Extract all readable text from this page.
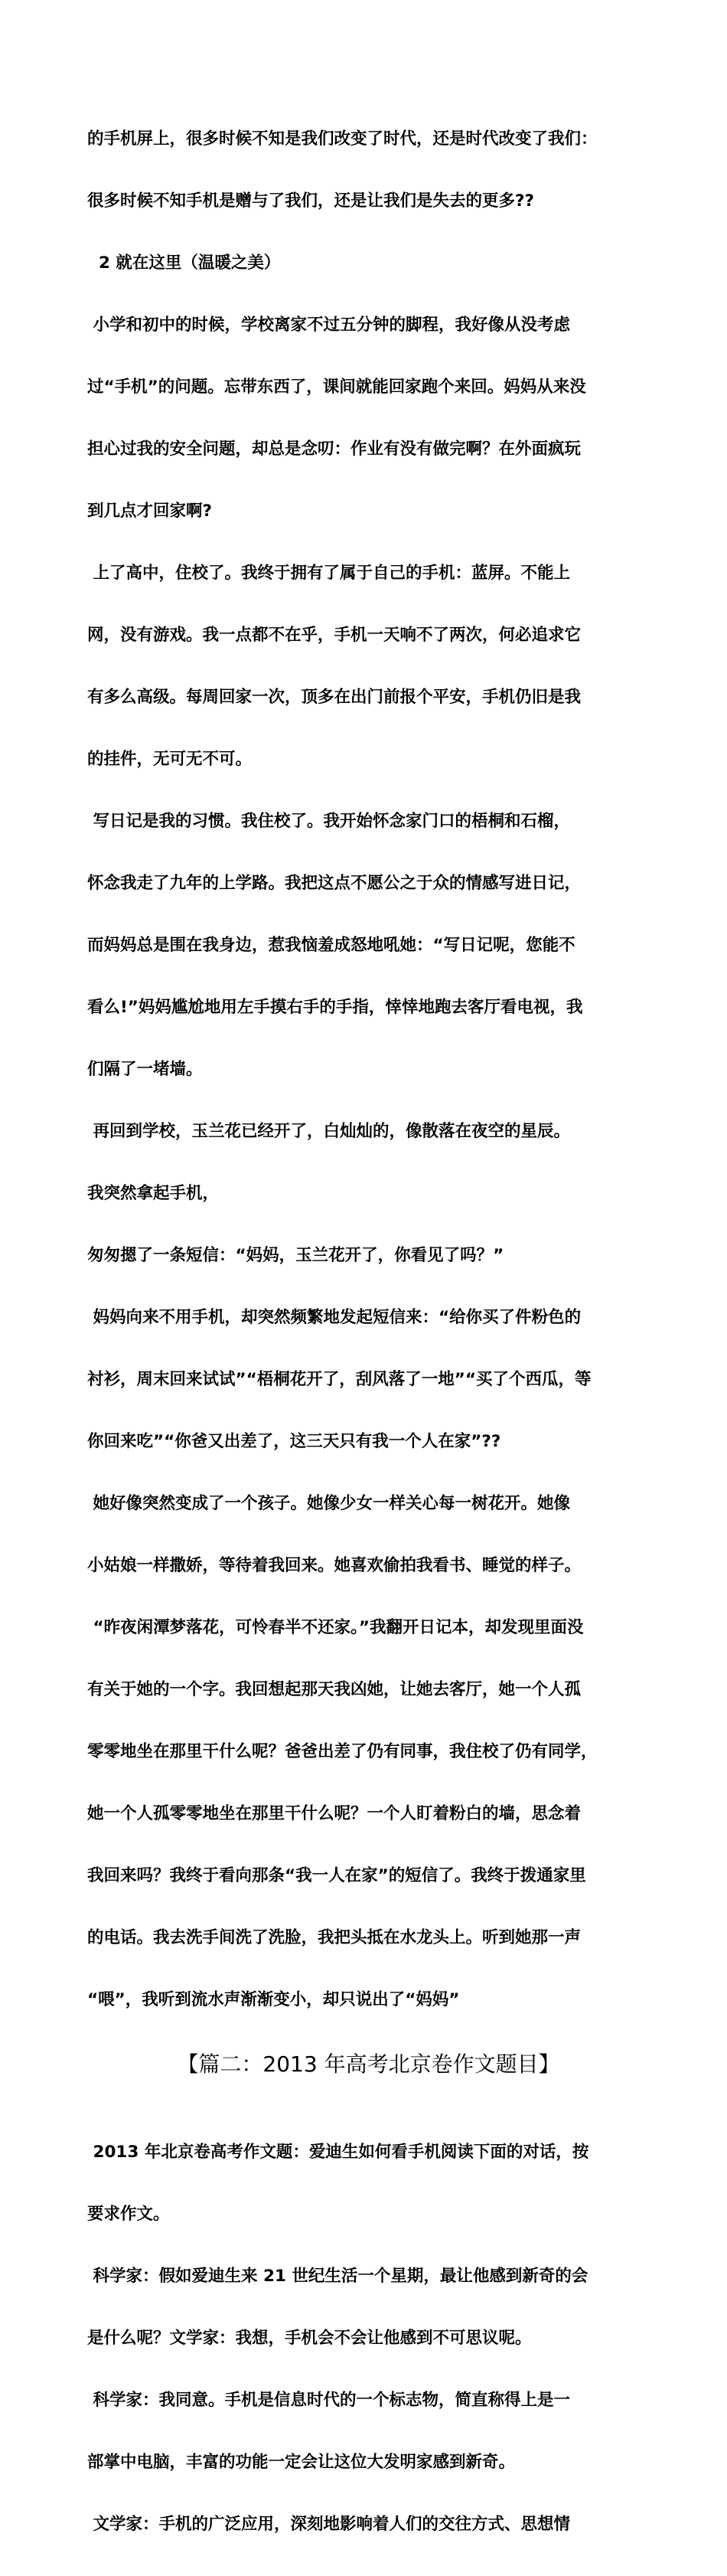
的手机屏上，很多时候不知是我们改变了时代，还是时代改变了我们：

很多时候不知手机是赠与了我们，还是让我们是失去的更多??

2 就在这里（温暖之美）

小学和初中的时候，学校离家不过五分钟的脚程，我好像从没考虑

过“手机”的问题。忘带东西了，课间就能回家跑个来回。妈妈从来没

担心过我的安全问题，却总是念叨：作业有没有做完啊？在外面疯玩

到几点才回家啊?

上了高中，住校了。我终于拥有了属于自己的手机：蓝屏。不能上

网，没有游戏。我一点都不在乎，手机一天响不了两次，何必追求它

有多么高级。每周回家一次，顶多在出门前报个平安，手机仍旧是我

的挂件，无可无不可。

写日记是我的习惯。我住校了。我开始怀念家门口的梧桐和石榴，

怀念我走了九年的上学路。我把这点不愿公之于众的情感写进日记，

而妈妈总是围在我身边，惹我恼羞成怒地吼她：“写日记呢，您能不

看么!”妈妈尴尬地用左手摸右手的手指，悻悻地跑去客厅看电视，我

们隔了一堵墙。

再回到学校，玉兰花已经开了，白灿灿的，像散落在夜空的星辰。

我突然拿起手机，

匆匆摁了一条短信：“妈妈，玉兰花开了，你看见了吗？”

妈妈向来不用手机，却突然频繁地发起短信来：“给你买了件粉色的

衬衫，周末回来试试”“梧桐花开了，刮风落了一地”“买了个西瓜，等

你回来吃”“你爸又出差了，这三天只有我一个人在家”??

她好像突然变成了一个孩子。她像少女一样关心每一树花开。她像

小姑娘一样撒娇，等待着我回来。她喜欢偷拍我看书、睡觉的样子。

“昨夜闲潭梦落花，可怜春半不还家。”我翻开日记本，却发现里面没

有关于她的一个字。我回想起那天我凶她，让她去客厅，她一个人孤

零零地坐在那里干什么呢？爸爸出差了仍有同事，我住校了仍有同学，

她一个人孤零零地坐在那里干什么呢？一个人盯着粉白的墙，思念着

我回来吗？我终于看向那条“我一人在家”的短信了。我终于拨通家里

的电话。我去洗手间洗了洗脸，我把头抵在水龙头上。听到她那一声

“喂”，我听到流水声渐渐变小，却只说出了“妈妈”

【篇二：2013 年高考北京卷作文题目】

2013 年北京卷高考作文题：爱迪生如何看手机阅读下面的对话，按

要求作文。

科学家：假如爱迪生来 21 世纪生活一个星期，最让他感到新奇的会

是什么呢？文学家：我想，手机会不会让他感到不可思议呢。

科学家：我同意。手机是信息时代的一个标志物，简直称得上是一

部掌中电脑，丰富的功能一定会让这位大发明家感到新奇。

文学家：手机的广泛应用，深刻地影响着人们的交往方式、思想情
